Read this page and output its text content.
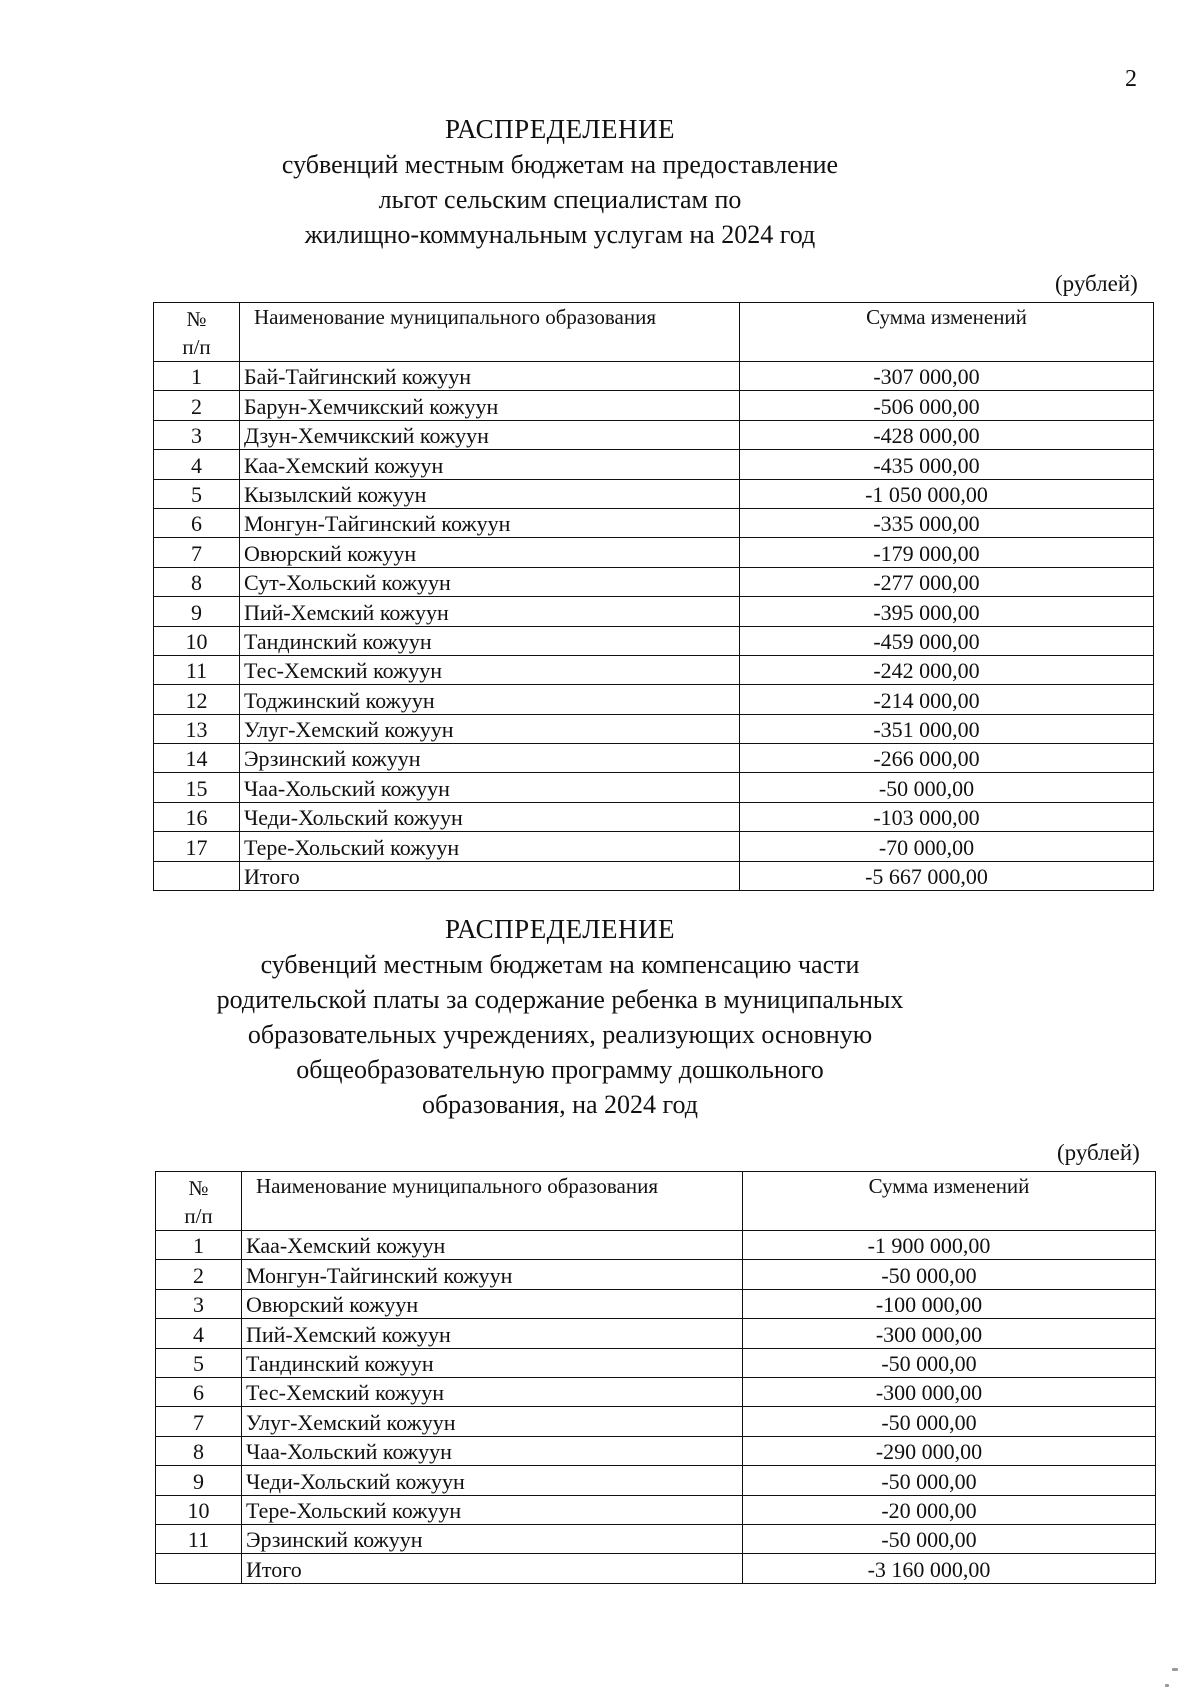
2
РАСПРЕДЕЛЕНИЕ
субвенций местным бюджетам на предоставление
льгот сельским специалистам по
жилищно-коммунальным услугам на 2024 год
(рублей)
№
п/п	Наименование муниципального образования	Сумма изменений
1	Бай-Тайгинский кожуун	-307 000,00
2	Барун-Хемчикский кожуун	-506 000,00
3	Дзун-Хемчикский кожуун	-428 000,00
4	Каа-Хемский кожуун	-435 000,00
5	Кызылский кожуун	-1 050 000,00
6	Монгун-Тайгинский кожуун	-335 000,00
7	Овюрский кожуун	-179 000,00
8	Сут-Хольский кожуун	-277 000,00
9	Пий-Хемский кожуун	-395 000,00
10	Тандинский кожуун	-459 000,00
11	Тес-Хемский кожуун	-242 000,00
12	Тоджинский кожуун	-214 000,00
13	Улуг-Хемский кожуун	-351 000,00
14	Эрзинский кожуун	-266 000,00
15	Чаа-Хольский кожуун	-50 000,00
16	Чеди-Хольский кожуун	-103 000,00
17	Тере-Хольский кожуун	-70 000,00
	Итого	-5 667 000,00
РАСПРЕДЕЛЕНИЕ
субвенций местным бюджетам на компенсацию части
родительской платы за содержание ребенка в муниципальных
образовательных учреждениях, реализующих основную
общеобразовательную программу дошкольного
образования, на 2024 год
(рублей)
№
п/п	Наименование муниципального образования	Сумма изменений
1	Каа-Хемский кожуун	-1 900 000,00
2	Монгун-Тайгинский кожуун	-50 000,00
3	Овюрский кожуун	-100 000,00
4	Пий-Хемский кожуун	-300 000,00
5	Тандинский кожуун	-50 000,00
6	Тес-Хемский кожуун	-300 000,00
7	Улуг-Хемский кожуун	-50 000,00
8	Чаа-Хольский кожуун	-290 000,00
9	Чеди-Хольский кожуун	-50 000,00
10	Тере-Хольский кожуун	-20 000,00
11	Эрзинский кожуун	-50 000,00
	Итого	-3 160 000,00
